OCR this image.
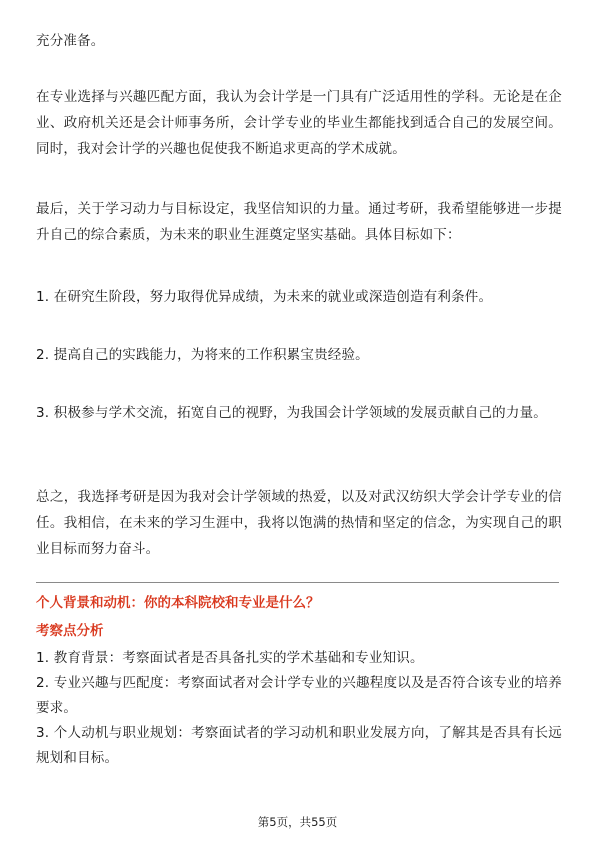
充分准备。

在专业选择与兴趣匹配方面，我认为会计学是一门具有广泛适用性的学科。无论是在企业、政府机关还是会计师事务所，会计学专业的毕业生都能找到适合自己的发展空间。同时，我对会计学的兴趣也促使我不断追求更高的学术成就。

最后，关于学习动力与目标设定，我坚信知识的力量。通过考研，我希望能够进一步提升自己的综合素质，为未来的职业生涯奠定坚实基础。具体目标如下：

1. 在研究生阶段，努力取得优异成绩，为未来的就业或深造创造有利条件。

2. 提高自己的实践能力，为将来的工作积累宝贵经验。

3. 积极参与学术交流，拓宽自己的视野，为我国会计学领域的发展贡献自己的力量。

总之，我选择考研是因为我对会计学领域的热爱，以及对武汉纺织大学会计学专业的信任。我相信，在未来的学习生涯中，我将以饱满的热情和坚定的信念，为实现自己的职业目标而努力奋斗。

个人背景和动机：你的本科院校和专业是什么？

考察点分析

1. 教育背景：考察面试者是否具备扎实的学术基础和专业知识。

2. 专业兴趣与匹配度：考察面试者对会计学专业的兴趣程度以及是否符合该专业的培养要求。

3. 个人动机与职业规划：考察面试者的学习动机和职业发展方向，了解其是否具有长远规划和目标。

第5页，共55页
